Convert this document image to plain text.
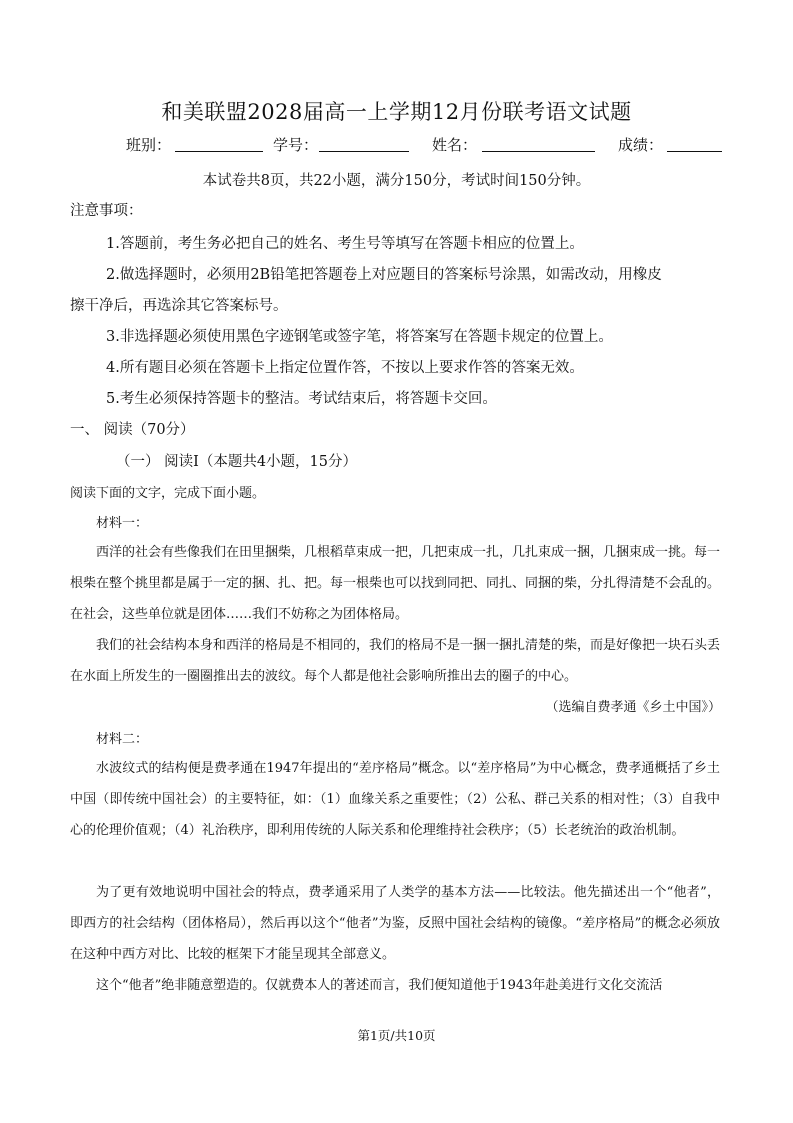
和美联盟2028届高一上学期12月份联考语文试题
班别：	学号：	姓名：	成绩：
本试卷共8页，共22小题，满分150分，考试时间150分钟。
注意事项：
1.答题前，考生务必把自己的姓名、考生号等填写在答题卡相应的位置上。
2.做选择题时，必须用2B铅笔把答题卷上对应题目的答案标号涂黑，如需改动，用橡皮
擦干净后，再选涂其它答案标号。
3.非选择题必须使用黑色字迹钢笔或签字笔，将答案写在答题卡规定的位置上。
4.所有题目必须在答题卡上指定位置作答，不按以上要求作答的答案无效。
5.考生必须保持答题卡的整洁。考试结束后，将答题卡交回。
一、 阅读（70分）
（一） 阅读Ⅰ（本题共4小题，15分）
阅读下面的文字，完成下面小题。
材料一：
西洋的社会有些像我们在田里捆柴，几根稻草束成一把，几把束成一扎，几扎束成一捆，几捆束成一挑。每一根柴在整个挑里都是属于一定的捆、扎、把。每一根柴也可以找到同把、同扎、同捆的柴，分扎得清楚不会乱的。在社会，这些单位就是团体……我们不妨称之为团体格局。
我们的社会结构本身和西洋的格局是不相同的，我们的格局不是一捆一捆扎清楚的柴，而是好像把一块石头丢在水面上所发生的一圈圈推出去的波纹。每个人都是他社会影响所推出去的圈子的中心。
（选编自费孝通《乡土中国》）
材料二：
水波纹式的结构便是费孝通在1947年提出的“差序格局”概念。以“差序格局”为中心概念，费孝通概括了乡土中国（即传统中国社会）的主要特征，如：（1）血缘关系之重要性；（2）公私、群己关系的相对性；（3）自我中心的伦理价值观；（4）礼治秩序，即利用传统的人际关系和伦理维持社会秩序；（5）长老统治的政治机制。
为了更有效地说明中国社会的特点，费孝通采用了人类学的基本方法——比较法。他先描述出一个“他者”，即西方的社会结构（团体格局），然后再以这个“他者”为鉴，反照中国社会结构的镜像。“差序格局”的概念必须放在这种中西方对比、比较的框架下才能呈现其全部意义。
这个“他者”绝非随意塑造的。仅就费本人的著述而言，我们便知道他于1943年赴美进行文化交流活
第1页/共10页
